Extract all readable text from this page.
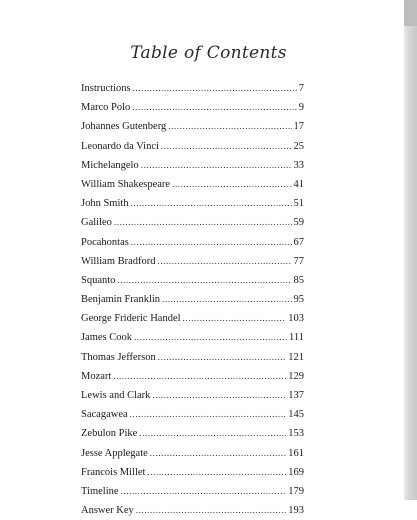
Table of Contents
Instructions .....	7
Marco Polo .....	9
Johannes Gutenberg .....	17
Leonardo da Vinci .....	25
Michelangelo .....	33
William Shakespeare .....	41
John Smith .....	51
Galileo .....	59
Pocahontas .....	67
William Bradford .....	77
Squanto .....	85
Benjamin Franklin .....	95
George Frideric Handel .....	103
James Cook .....	111
Thomas Jefferson .....	121
Mozart .....	129
Lewis and Clark .....	137
Sacagawea .....	145
Zebulon Pike .....	153
Jesse Applegate .....	161
Francois Millet .....	169
Timeline .....	179
Answer Key .....	193
